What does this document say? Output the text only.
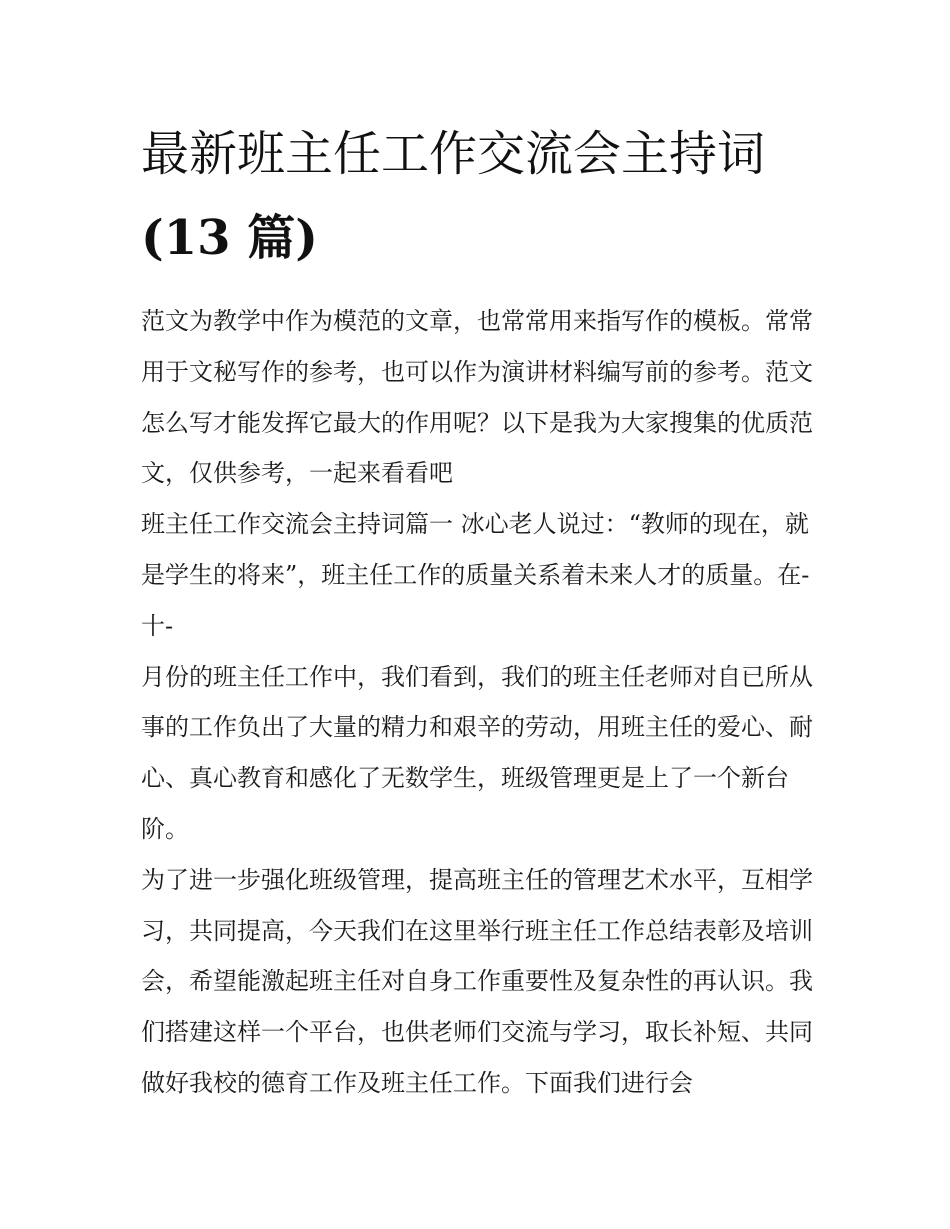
最新班主任工作交流会主持词
(13 篇)

范文为教学中作为模范的文章，也常常用来指写作的模板。常常用于文秘写作的参考，也可以作为演讲材料编写前的参考。范文怎么写才能发挥它最大的作用呢？以下是我为大家搜集的优质范文，仅供参考，一起来看看吧

班主任工作交流会主持词篇一 冰心老人说过：“教师的现在，就是学生的将来”，班主任工作的质量关系着未来人才的质量。在-十-

月份的班主任工作中，我们看到，我们的班主任老师对自已所从事的工作负出了大量的精力和艰辛的劳动，用班主任的爱心、耐心、真心教育和感化了无数学生，班级管理更是上了一个新台阶。

为了进一步强化班级管理，提高班主任的管理艺术水平，互相学习，共同提高，今天我们在这里举行班主任工作总结表彰及培训会，希望能激起班主任对自身工作重要性及复杂性的再认识。我们搭建这样一个平台，也供老师们交流与学习，取长补短、共同做好我校的德育工作及班主任工作。下面我们进行会
